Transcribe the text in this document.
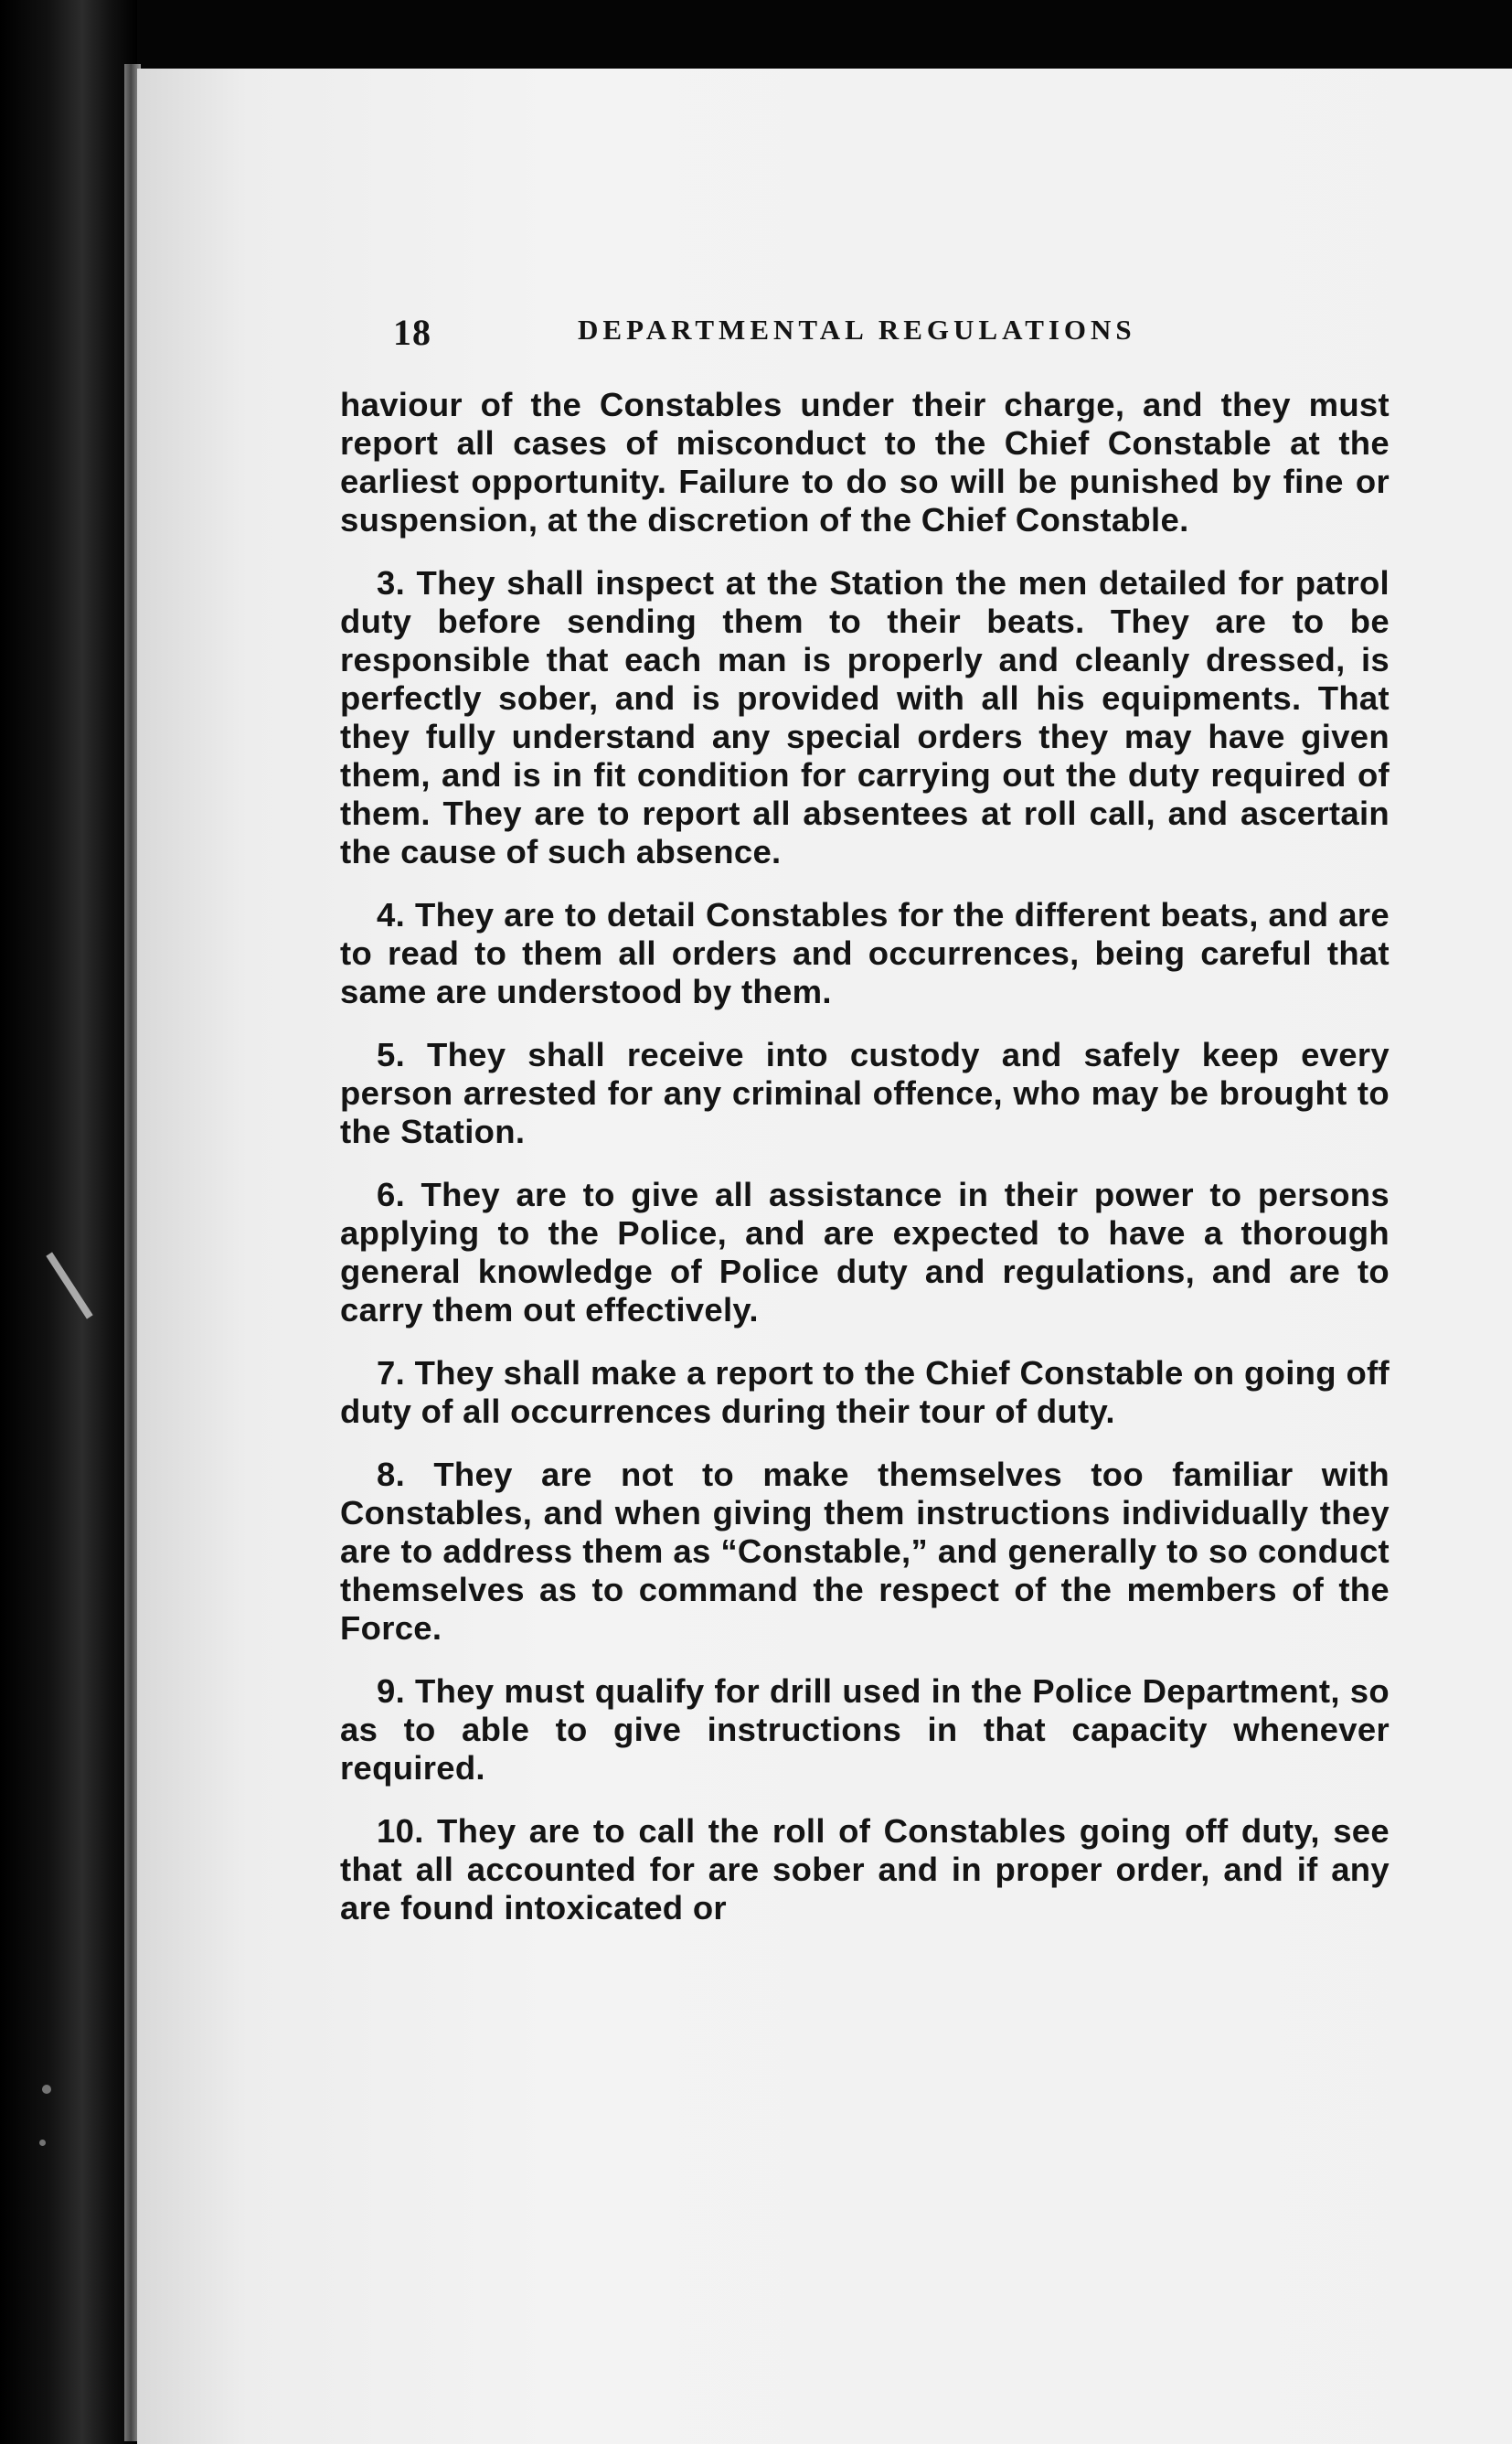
18	DEPARTMENTAL REGULATIONS

haviour of the Constables under their charge, and they must report all cases of misconduct to the Chief Constable at the earliest opportunity. Failure to do so will be punished by fine or suspension, at the discretion of the Chief Constable.

3. They shall inspect at the Station the men detailed for patrol duty before sending them to their beats. They are to be responsible that each man is properly and cleanly dressed, is perfectly sober, and is provided with all his equipments. That they fully understand any special orders they may have given them, and is in fit condition for carrying out the duty required of them. They are to report all absentees at roll call, and ascertain the cause of such absence.

4. They are to detail Constables for the different beats, and are to read to them all orders and occurrences, being careful that same are understood by them.

5. They shall receive into custody and safely keep every person arrested for any criminal offence, who may be brought to the Station.

6. They are to give all assistance in their power to persons applying to the Police, and are expected to have a thorough general knowledge of Police duty and regulations, and are to carry them out effectively.

7. They shall make a report to the Chief Constable on going off duty of all occurrences during their tour of duty.

8. They are not to make themselves too familiar with Constables, and when giving them instructions individually they are to address them as “Constable,” and generally to so conduct themselves as to command the respect of the members of the Force.

9. They must qualify for drill used in the Police Department, so as to able to give instructions in that capacity whenever required.

10. They are to call the roll of Constables going off duty, see that all accounted for are sober and in proper order, and if any are found intoxicated or
